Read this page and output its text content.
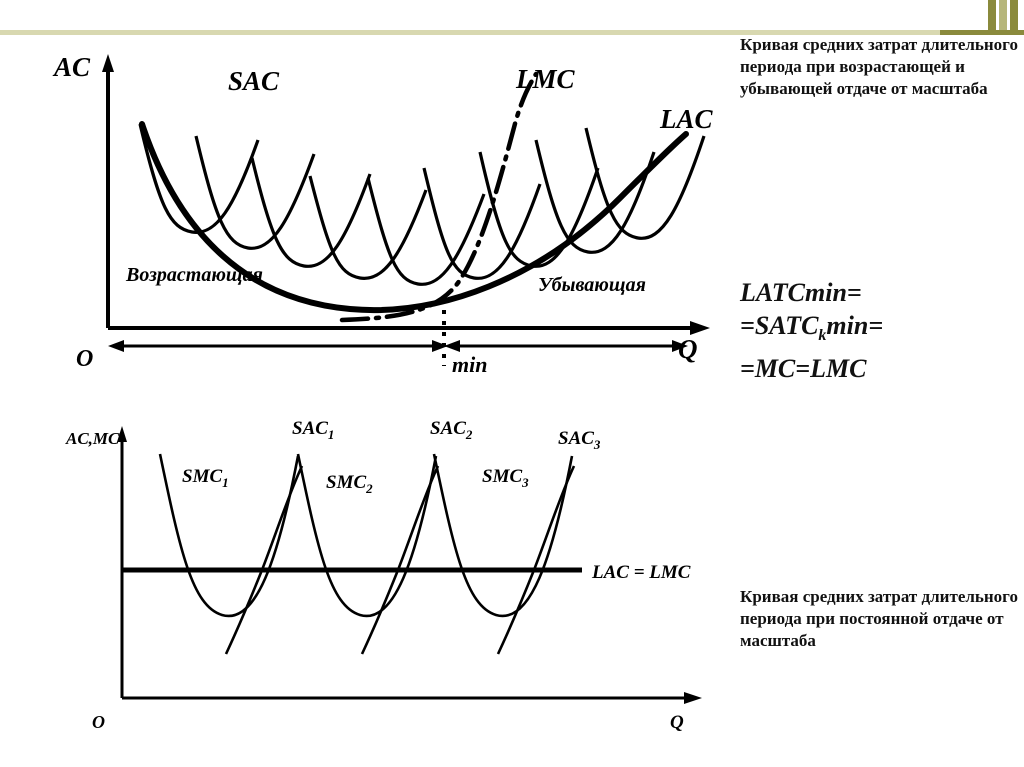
AC
Q
O
SAC
LAC
LMC
Возрастающая	Убывающая
min
AC,MC
Q
O
$SAC_1$	$SAC_2$	$SAC_3$
$SMC_1$	$SMC_2$
$SMC_3$
LAC = LMC
Кривая средних затрат длительного периода при возрастающей и убывающей отдаче от масштаба
LATCmin=
$=SATC_k\min=$
=MC=LMC
Кривая средних затрат длительного периода при постоянной отдаче от масштаба
